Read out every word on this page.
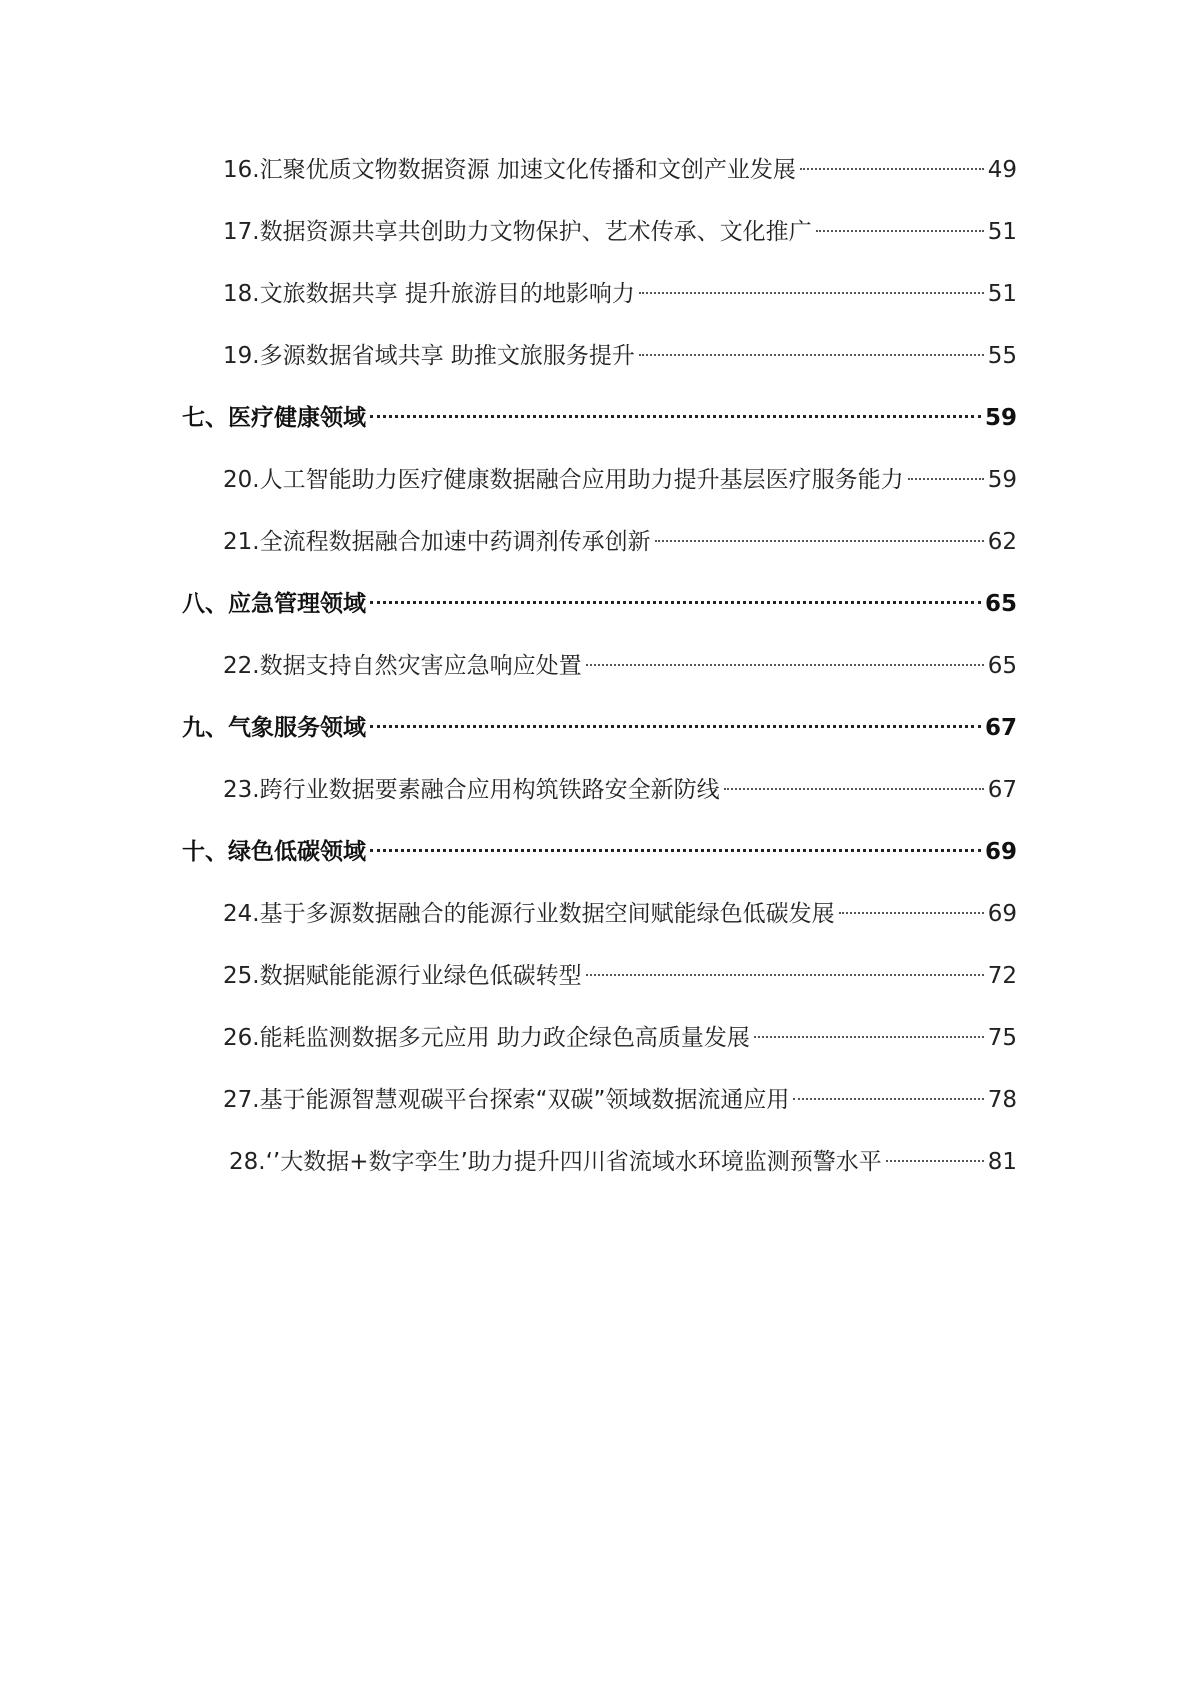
16.汇聚优质文物数据资源 加速文化传播和文创产业发展	49
17.数据资源共享共创助力文物保护、艺术传承、文化推广	51
18.文旅数据共享 提升旅游目的地影响力	51
19.多源数据省域共享 助推文旅服务提升	55
七、医疗健康领域	59
20.人工智能助力医疗健康数据融合应用助力提升基层医疗服务能力	59
21.全流程数据融合加速中药调剂传承创新	62
八、应急管理领域	65
22.数据支持自然灾害应急响应处置	65
九、气象服务领域	67
23.跨行业数据要素融合应用构筑铁路安全新防线	67
十、绿色低碳领域	69
24.基于多源数据融合的能源行业数据空间赋能绿色低碳发展	69
25.数据赋能能源行业绿色低碳转型	72
26.能耗监测数据多元应用 助力政企绿色高质量发展	75
27.基于能源智慧观碳平台探索“双碳”领域数据流通应用	78
28.‘’大数据+数字孪生’助力提升四川省流域水环境监测预警水平	81
